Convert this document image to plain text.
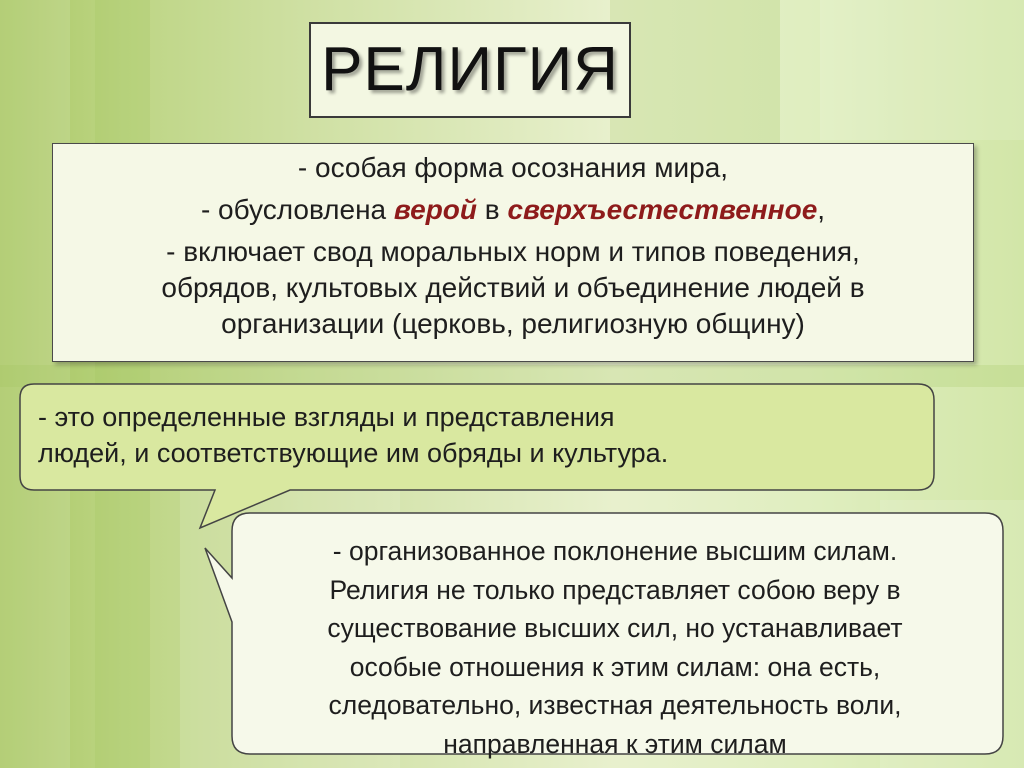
РЕЛИГИЯ
- особая форма осознания мира,
- обусловлена верой в сверхъестественное,
- включает свод моральных норм и типов поведения,
обрядов, культовых действий и объединение людей в
организации (церковь, религиозную общину)
- это определенные взгляды и представления
людей, и соответствующие им обряды и культура.
- организованное поклонение высшим силам.
Религия не только представляет собою веру в
существование высших сил, но устанавливает
особые отношения к этим силам: она есть,
следовательно, известная деятельность воли,
направленная к этим силам
